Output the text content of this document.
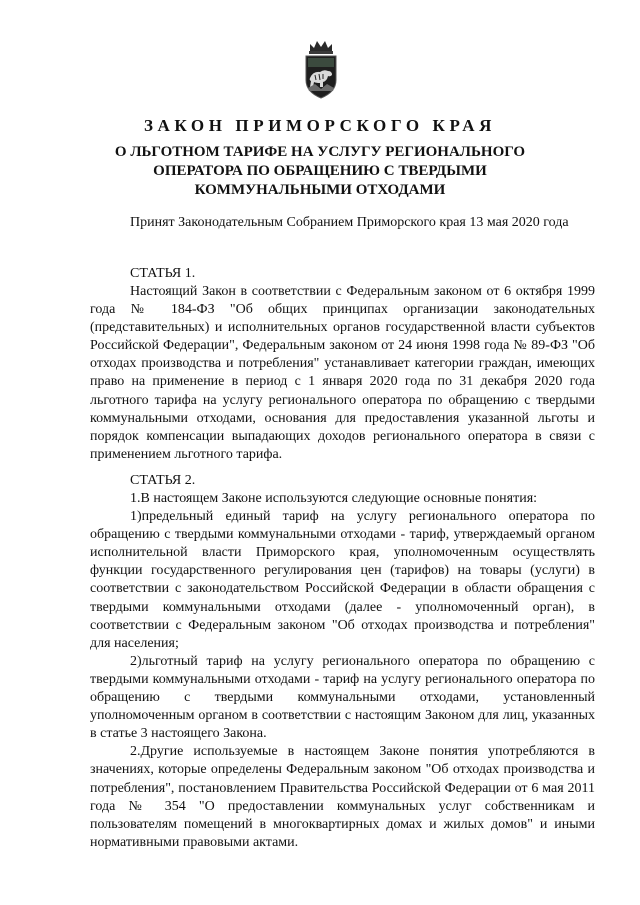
ЗАКОН ПРИМОРСКОГО КРАЯ
О ЛЬГОТНОМ ТАРИФЕ НА УСЛУГУ РЕГИОНАЛЬНОГО ОПЕРАТОРА ПО ОБРАЩЕНИЮ С ТВЕРДЫМИ КОММУНАЛЬНЫМИ ОТХОДАМИ

Принят Законодательным Собранием Приморского края 13 мая 2020 года

СТАТЬЯ 1.

Настоящий Закон в соответствии с Федеральным законом от 6 октября 1999 года № 184-ФЗ "Об общих принципах организации законодательных (представительных) и исполнительных органов государственной власти субъектов Российской Федерации", Федеральным законом от 24 июня 1998 года № 89-ФЗ "Об отходах производства и потребления" устанавливает категории граждан, имеющих право на применение в период с 1 января 2020 года по 31 декабря 2020 года льготного тарифа на услугу регионального оператора по обращению с твердыми коммунальными отходами, основания для предоставления указанной льготы и порядок компенсации выпадающих доходов регионального оператора в связи с применением льготного тарифа.

СТАТЬЯ 2.

1.В настоящем Законе используются следующие основные понятия:

1)предельный единый тариф на услугу регионального оператора по обращению с твердыми коммунальными отходами - тариф, утверждаемый органом исполнительной власти Приморского края, уполномоченным осуществлять функции государственного регулирования цен (тарифов) на товары (услуги) в соответствии с законодательством Российской Федерации в области обращения с твердыми коммунальными отходами (далее - уполномоченный орган), в соответствии с Федеральным законом "Об отходах производства и потребления" для населения;

2)льготный тариф на услугу регионального оператора по обращению с твердыми коммунальными отходами - тариф на услугу регионального оператора по обращению с твердыми коммунальными отходами, установленный уполномоченным органом в соответствии с настоящим Законом для лиц, указанных в статье 3 настоящего Закона.

2.Другие используемые в настоящем Законе понятия употребляются в значениях, которые определены Федеральным законом "Об отходах производства и потребления", постановлением Правительства Российской Федерации от 6 мая 2011 года № 354 "О предоставлении коммунальных услуг собственникам и пользователям помещений в многоквартирных домах и жилых домов" и иными нормативными правовыми актами.
